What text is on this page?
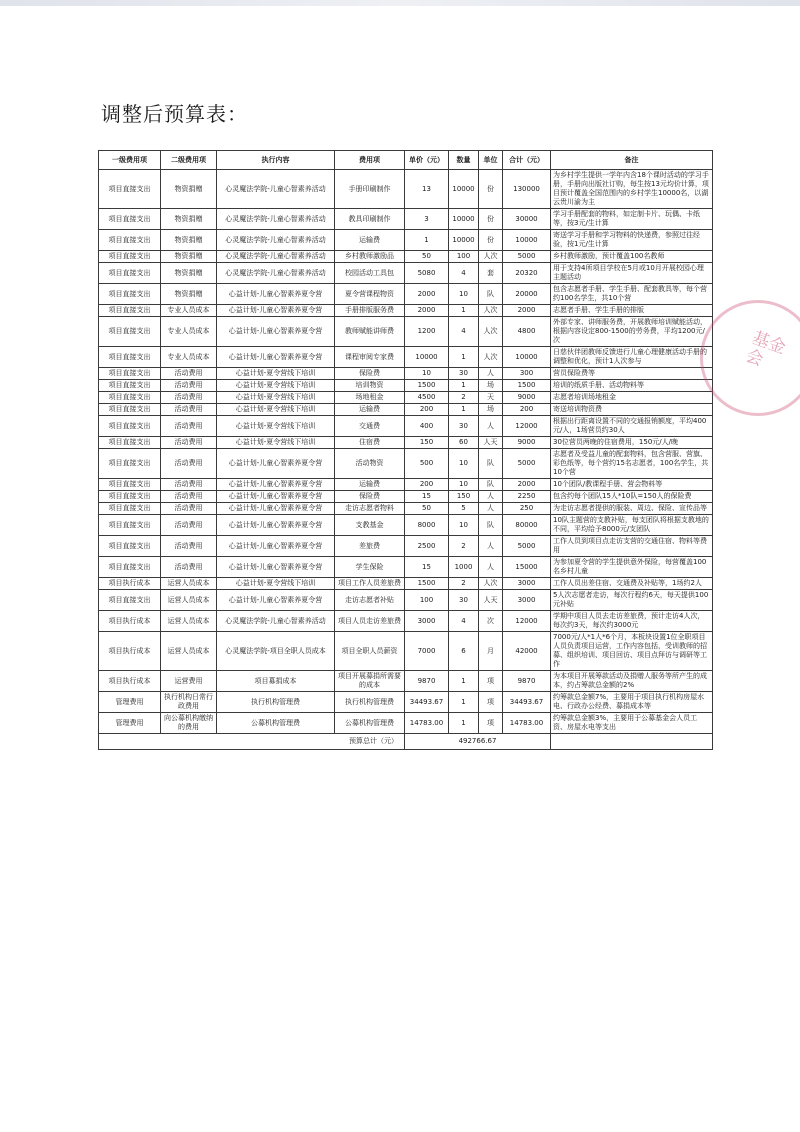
调整后预算表：
一级费用项	二级费用项	执行内容	费用项	单价（元）	数量	单位	合计（元）	备注
项目直接支出	物资捐赠	心灵魔法学院-儿童心智素养活动	手册印刷制作	13	10000	份	130000	为乡村学生提供一学年内含18个课时活动的学习手册，手册向出版社订购，每生按13元均价计算，项目预计覆盖全国范围内的乡村学生10000名，以湖云贵川渝为主
项目直接支出	物资捐赠	心灵魔法学院-儿童心智素养活动	教具印刷制作	3	10000	份	30000	学习手册配套的物料，如定制卡片、玩偶、卡纸等，按3元/生计算
项目直接支出	物资捐赠	心灵魔法学院-儿童心智素养活动	运输费	1	10000	份	10000	寄送学习手册和学习物料的快递费，参照过往经验，按1元/生计算
项目直接支出	物资捐赠	心灵魔法学院-儿童心智素养活动	乡村教师激励品	50	100	人次	5000	乡村教师激励，预计覆盖100名教师
项目直接支出	物资捐赠	心灵魔法学院-儿童心智素养活动	校园活动工具包	5080	4	套	20320	用于支持4所项目学校在5月或10月开展校园心理主题活动
项目直接支出	物资捐赠	心益计划-儿童心智素养夏令营	夏令营课程物资	2000	10	队	20000	包含志愿者手册、学生手册、配套教具等，每个营约100名学生，共10个营
项目直接支出	专业人员成本	心益计划-儿童心智素养夏令营	手册排版服务费	2000	1	人次	2000	志愿者手册、学生手册的排版
项目直接支出	专业人员成本	心益计划-儿童心智素养夏令营	教师赋能讲师费	1200	4	人次	4800	外部专家、讲师服务费，开展教师培训赋能活动，根据内容设定800-1500的劳务费，平均1200元/次
项目直接支出	专业人员成本	心益计划-儿童心智素养夏令营	课程审阅专家费	10000	1	人次	10000	日慈伙伴团教师反馈进行儿童心理健康活动手册的调整和优化，预计1人次参与
项目直接支出	活动费用	心益计划-夏令营线下培训	保险费	10	30	人	300	营员保险费等
项目直接支出	活动费用	心益计划-夏令营线下培训	培训物资	1500	1	场	1500	培训的纸质手册、活动物料等
项目直接支出	活动费用	心益计划-夏令营线下培训	场地租金	4500	2	天	9000	志愿者培训场地租金
项目直接支出	活动费用	心益计划-夏令营线下培训	运输费	200	1	场	200	寄送培训物资费
项目直接支出	活动费用	心益计划-夏令营线下培训	交通费	400	30	人	12000	根据出行距离设置不同的交通报销额度，平均400元/人，1场营员约30人
项目直接支出	活动费用	心益计划-夏令营线下培训	住宿费	150	60	人天	9000	30位营员两晚的住宿费用，150元/人/晚
项目直接支出	活动费用	心益计划-儿童心智素养夏令营	活动物资	500	10	队	5000	志愿者及受益儿童的配套物料，包含营服、营旗、彩色纸等，每个营约15名志愿者，100名学生，共10个营
项目直接支出	活动费用	心益计划-儿童心智素养夏令营	运输费	200	10	队	2000	10个团队/教课程手册、营会物料等
项目直接支出	活动费用	心益计划-儿童心智素养夏令营	保险费	15	150	人	2250	包含约每个团队15人*10队=150人的保险费
项目直接支出	活动费用	心益计划-儿童心智素养夏令营	走访志愿者物料	50	5	人	250	为走访志愿者提供的服装、周边、保险、宣传品等
项目直接支出	活动费用	心益计划-儿童心智素养夏令营	支教基金	8000	10	队	80000	10队主题营的支教补贴，每支团队将根据支教地的不同，平均给予8000元/支团队
项目直接支出	活动费用	心益计划-儿童心智素养夏令营	差旅费	2500	2	人	5000	工作人员到项目点走访支营的交通住宿、物料等费用
项目直接支出	活动费用	心益计划-儿童心智素养夏令营	学生保险	15	1000	人	15000	为参加夏令营的学生提供意外保险，每营覆盖100名乡村儿童
项目执行成本	运营人员成本	心益计划-夏令营线下培训	项目工作人员差旅费	1500	2	人次	3000	工作人员出差住宿、交通费及补贴等，1场约2人
项目直接支出	运营人员成本	心益计划-儿童心智素养夏令营	走访志愿者补贴	100	30	人天	3000	5人次志愿者走访，每次行程约6天，每天提供100元补贴
项目执行成本	运营人员成本	心灵魔法学院-儿童心智素养活动	项目人员走访差旅费	3000	4	次	12000	学期中项目人员去走访差旅费，预计走访4人次，每次约3天，每次约3000元
项目执行成本	运营人员成本	心灵魔法学院-项目全职人员成本	项目全职人员薪资	7000	6	月	42000	7000元/人*1人*6个月，本板块设置1位全职项目人员负责项目运营，工作内容包括，受训教师的招募、组织培训、项目回访、项目点拜访与调研等工作
项目执行成本	运营费用	项目募捐成本	项目开展募捐所需要的成本	9870	1	项	9870	为本项目开展筹款活动及捐赠人服务等所产生的成本，约占筹款总金额的2%
管理费用	执行机构日常行政费用	执行机构管理费	执行机构管理费	34493.67	1	项	34493.67	约筹款总金额7%，主要用于项目执行机构房屋水电、行政办公经费、募捐成本等
管理费用	向公募机构缴纳的费用	公募机构管理费	公募机构管理费	14783.00	1	项	14783.00	约筹款总金额3%，主要用于公募基金会人员工资、房屋水电等支出
预算总计（元）				492766.67				
基金会
